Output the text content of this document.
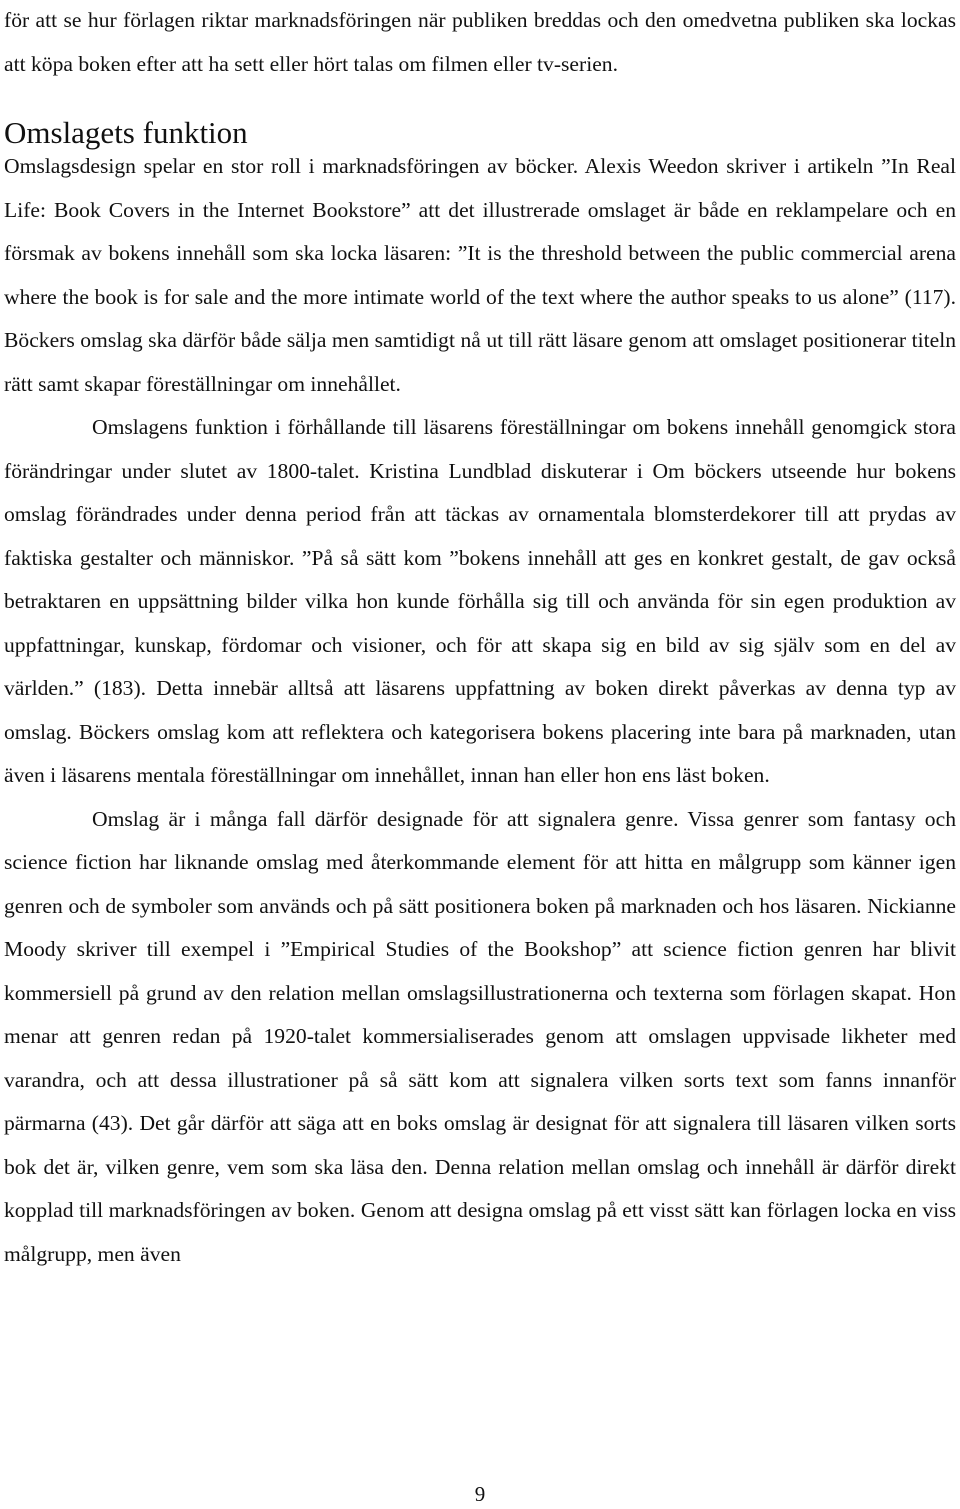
för att se hur förlagen riktar marknadsföringen när publiken breddas och den omedvetna publiken ska lockas att köpa boken efter att ha sett eller hört talas om filmen eller tv-serien.

Omslagets funktion

Omslagsdesign spelar en stor roll i marknadsföringen av böcker. Alexis Weedon skriver i artikeln ”In Real Life: Book Covers in the Internet Bookstore” att det illustrerade omslaget är både en reklampelare och en försmak av bokens innehåll som ska locka läsaren: ”It is the threshold between the public commercial arena where the book is for sale and the more intimate world of the text where the author speaks to us alone” (117). Böckers omslag ska därför både sälja men samtidigt nå ut till rätt läsare genom att omslaget positionerar titeln rätt samt skapar föreställningar om innehållet.

Omslagens funktion i förhållande till läsarens föreställningar om bokens innehåll genomgick stora förändringar under slutet av 1800-talet. Kristina Lundblad diskuterar i Om böckers utseende hur bokens omslag förändrades under denna period från att täckas av ornamentala blomsterdekorer till att prydas av faktiska gestalter och människor. ”På så sätt kom ”bokens innehåll att ges en konkret gestalt, de gav också betraktaren en uppsättning bilder vilka hon kunde förhålla sig till och använda för sin egen produktion av uppfattningar, kunskap, fördomar och visioner, och för att skapa sig en bild av sig själv som en del av världen.” (183). Detta innebär alltså att läsarens uppfattning av boken direkt påverkas av denna typ av omslag. Böckers omslag kom att reflektera och kategorisera bokens placering inte bara på marknaden, utan även i läsarens mentala föreställningar om innehållet, innan han eller hon ens läst boken.

Omslag är i många fall därför designade för att signalera genre. Vissa genrer som fantasy och science fiction har liknande omslag med återkommande element för att hitta en målgrupp som känner igen genren och de symboler som används och på sätt positionera boken på marknaden och hos läsaren. Nickianne Moody skriver till exempel i ”Empirical Studies of the Bookshop” att science fiction genren har blivit kommersiell på grund av den relation mellan omslagsillustrationerna och texterna som förlagen skapat. Hon menar att genren redan på 1920-talet kommersialiserades genom att omslagen uppvisade likheter med varandra, och att dessa illustrationer på så sätt kom att signalera vilken sorts text som fanns innanför pärmarna (43). Det går därför att säga att en boks omslag är designat för att signalera till läsaren vilken sorts bok det är, vilken genre, vem som ska läsa den. Denna relation mellan omslag och innehåll är därför direkt kopplad till marknadsföringen av boken. Genom att designa omslag på ett visst sätt kan förlagen locka en viss målgrupp, men även

9
